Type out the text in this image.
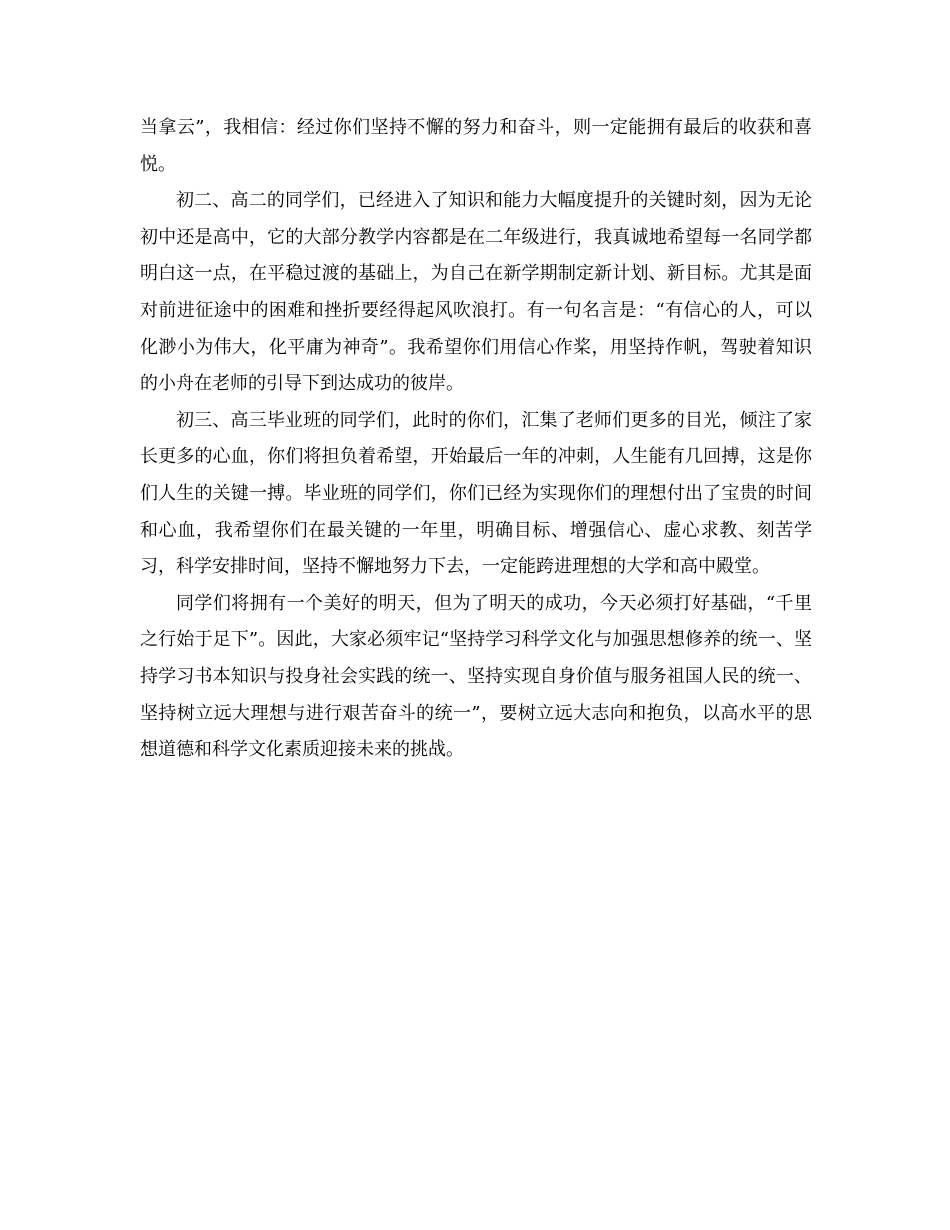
当拿云”，我相信：经过你们坚持不懈的努力和奋斗，则一定能拥有最后的收获和喜悦。

初二、高二的同学们，已经进入了知识和能力大幅度提升的关键时刻，因为无论初中还是高中，它的大部分教学内容都是在二年级进行，我真诚地希望每一名同学都明白这一点，在平稳过渡的基础上，为自己在新学期制定新计划、新目标。尤其是面对前进征途中的困难和挫折要经得起风吹浪打。有一句名言是：“有信心的人，可以化渺小为伟大，化平庸为神奇”。我希望你们用信心作桨，用坚持作帆，驾驶着知识的小舟在老师的引导下到达成功的彼岸。

初三、高三毕业班的同学们，此时的你们，汇集了老师们更多的目光，倾注了家长更多的心血，你们将担负着希望，开始最后一年的冲刺，人生能有几回搏，这是你们人生的关键一搏。毕业班的同学们，你们已经为实现你们的理想付出了宝贵的时间和心血，我希望你们在最关键的一年里，明确目标、增强信心、虚心求教、刻苦学习，科学安排时间，坚持不懈地努力下去，一定能跨进理想的大学和高中殿堂。

同学们将拥有一个美好的明天，但为了明天的成功，今天必须打好基础，“千里之行始于足下”。因此，大家必须牢记“坚持学习科学文化与加强思想修养的统一、坚持学习书本知识与投身社会实践的统一、坚持实现自身价值与服务祖国人民的统一、坚持树立远大理想与进行艰苦奋斗的统一”，要树立远大志向和抱负，以高水平的思想道德和科学文化素质迎接未来的挑战。
